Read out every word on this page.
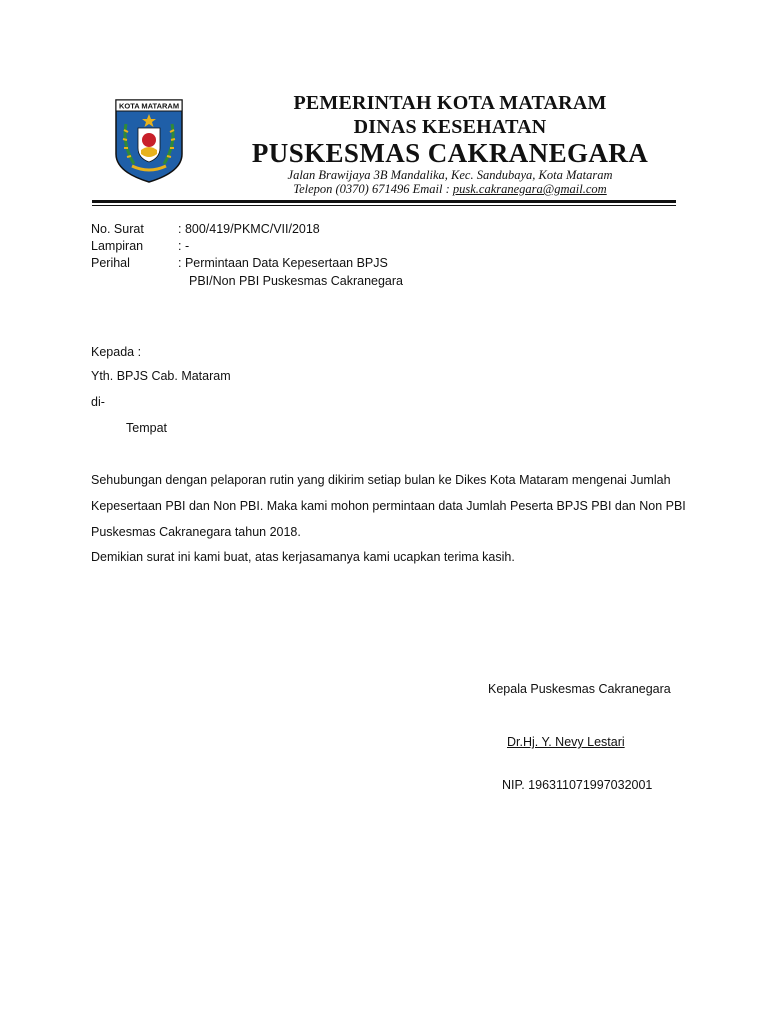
KOTA MATARAM	PEMERINTAH KOTA MATARAM
DINAS KESEHATAN
PUSKESMAS CAKRANEGARA
Jalan Brawijaya 3B Mandalika, Kec. Sandubaya, Kota Mataram
Telepon (0370) 671496 Email : pusk.cakranegara@gmail.com
No. Surat	: 800/419/PKMC/VII/2018
Lampiran	: -
Perihal	: Permintaan Data Kepesertaan BPJS
PBI/Non PBI Puskesmas Cakranegara
Kepada :
Yth. BPJS Cab. Mataram
di-
Tempat
Sehubungan dengan pelaporan rutin yang dikirim setiap bulan ke Dikes Kota Mataram mengenai Jumlah
Kepesertaan PBI dan Non PBI. Maka kami mohon permintaan data Jumlah Peserta BPJS PBI dan Non PBI
Puskesmas Cakranegara tahun 2018.
Demikian surat ini kami buat, atas kerjasamanya kami ucapkan terima kasih.
Kepala Puskesmas Cakranegara
Dr.Hj. Y. Nevy Lestari
NIP. 196311071997032001
